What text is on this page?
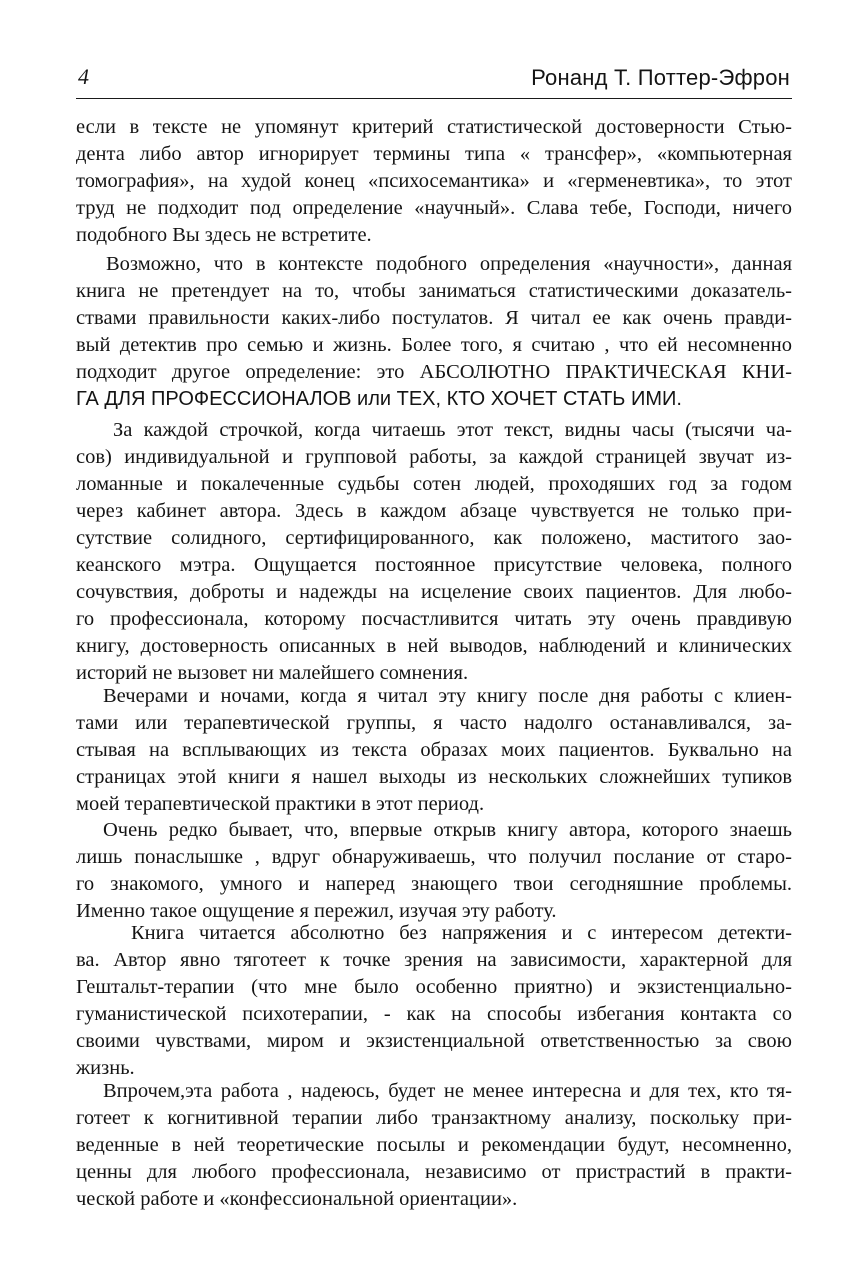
4	Ронанд Т. Поттер-Эфрон
если в тексте не упомянут критерий статистической достоверности Стью-
дента либо автор игнорирует термины типа « трансфер», «компьютерная
томография», на худой конец «психосемантика» и «герменевтика», то этот
труд не подходит под определение «научный». Слава тебе, Господи, ничего
подобного Вы здесь не встретите.
Возможно, что в контексте подобного определения «научности», данная
книга не претендует на то, чтобы заниматься статистическими доказатель-
ствами правильности каких-либо постулатов. Я читал ее как очень правди-
вый детектив про семью и жизнь. Более того, я считаю , что ей несомненно
подходит другое определение: это АБСОЛЮТНО ПРАКТИЧЕСКАЯ КНИ-
ГА ДЛЯ ПРОФЕССИОНАЛОВ или ТЕХ, КТО ХОЧЕТ СТАТЬ ИМИ.
За каждой строчкой, когда читаешь этот текст, видны часы (тысячи ча-
сов) индивидуальной и групповой работы, за каждой страницей звучат из-
ломанные и покалеченные судьбы сотен людей, проходяших год за годом
через кабинет автора. Здесь в каждом абзаце чувствуется не только при-
сутствие солидного, сертифицированного, как положено, маститого зао-
кеанского мэтра. Ощущается постоянное присутствие человека, полного
сочувствия, доброты и надежды на исцеление своих пациентов. Для любо-
го профессионала, которому посчастливится читать эту очень правдивую
книгу, достоверность описанных в ней выводов, наблюдений и клинических
историй не вызовет ни малейшего сомнения.
Вечерами и ночами, когда я читал эту книгу после дня работы с клиен-
тами или терапевтической группы, я часто надолго останавливался, за-
стывая на всплывающих из текста образах моих пациентов. Буквально на
страницах этой книги я нашел выходы из нескольких сложнейших тупиков
моей терапевтической практики в этот период.
Очень редко бывает, что, впервые открыв книгу автора, которого знаешь
лишь понаслышке , вдруг обнаруживаешь, что получил послание от старо-
го знакомого, умного и наперед знающего твои сегодняшние проблемы.
Именно такое ощущение я пережил, изучая эту работу.
Книга читается абсолютно без напряжения и с интересом детекти-
ва. Автор явно тяготеет к точке зрения на зависимости, характерной для
Гештальт-терапии (что мне было особенно приятно) и экзистенциально-
гуманистической психотерапии, - как на способы избегания контакта со
своими чувствами, миром и экзистенциальной ответственностью за свою
жизнь.
Впрочем,эта работа , надеюсь, будет не менее интересна и для тех, кто тя-
готеет к когнитивной терапии либо транзактному анализу, поскольку при-
веденные в ней теоретические посылы и рекомендации будут, несомненно,
ценны для любого профессионала, независимо от пристрастий в практи-
ческой работе и «конфессиональной ориентации».
